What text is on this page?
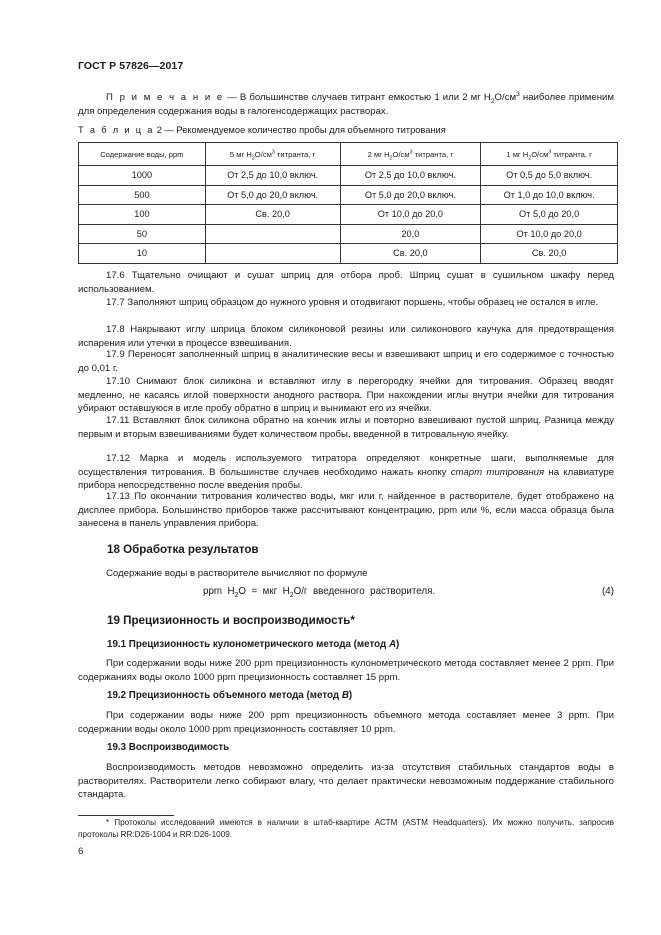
ГОСТ Р 57826—2017
П р и м е ч а н и е — В большинстве случаев титрант емкостью 1 или 2 мг $H_2O/см^3$ наиболее применим для определения содержания воды в галогенсодержащих растворах.
Т а б л и ц а 2 — Рекомендуемое количество пробы для объемного титрования
Содержание воды, ppm	5 мг $H_2O/см^3$ титранта, г	2 мг $H_2O/см^3$ титранта, г	1 мг $H_2O/см^3$ титранта, г
1000	От 2,5 до 10,0 включ.	От 2,5 до 10,0 включ.	От 0,5 до 5,0 включ.
500	От 5,0 до 20,0 включ.	От 5,0 до 20,0 включ.	От 1,0 до 10,0 включ.
100	Св. 20,0	От 10,0 до 20,0	От 5,0 до 20,0
50		20,0	От 10,0 до 20,0
10		Св. 20,0	Св. 20,0
17.6 Тщательно очищают и сушат шприц для отбора проб. Шприц сушат в сушильном шкафу перед использованием.
17.7 Заполняют шприц образцом до нужного уровня и отодвигают поршень, чтобы образец не остался в игле.
17.8 Накрывают иглу шприца блоком силиконовой резины или силиконового каучука для предотвращения испарения или утечки в процессе взвешивания.
17.9 Переносят заполненный шприц в аналитические весы и взвешивают шприц и его содержимое с точностью до 0,01 г.
17.10 Снимают блок силикона и вставляют иглу в перегородку ячейки для титрования. Образец вводят медленно, не касаясь иглой поверхности анодного раствора. При нахождении иглы внутри ячейки для титрования убирают оставшуюся в игле пробу обратно в шприц и вынимают его из ячейки.
17.11 Вставляют блок силикона обратно на кончик иглы и повторно взвешивают пустой шприц. Разница между первым и вторым взвешиваниями будет количеством пробы, введенной в титровальную ячейку.
17.12 Марка и модель используемого титратора определяют конкретные шаги, выполняемые для осуществления титрования. В большинстве случаев необходимо нажать кнопку старт титрования на клавиатуре прибора непосредственно после введения пробы.
17.13 По окончании титрования количество воды, мкг или г, найденное в растворителе, будет отображено на дисплее прибора. Большинство приборов также рассчитывают концентрацию, ppm или %, если масса образца была занесена в панель управления прибора.
18 Обработка результатов
Содержание воды в растворителе вычисляют по формуле
ppm  $H_2O$  =  мкг  $H_2O/г$  введенного  растворителя.	(4)
19 Прецизионность и воспроизводимость*
19.1 Прецизионность кулонометрического метода (метод A)
При содержании воды ниже 200 ppm прецизионность кулонометрического метода составляет менее 2 ppm. При содержаниях воды около 1000 ppm прецизионность составляет 15 ppm.
19.2 Прецизионность объемного метода (метод B)
При содержании воды ниже 200 ppm прецизионность объемного метода составляет менее 3 ppm. При содержании воды около 1000 ppm прецизионность составляет 10 ppm.
19.3 Воспроизводимость
Воспроизводимость методов невозможно определить из-за отсутствия стабильных стандартов воды в растворителях. Растворители легко собирают влагу, что делает практически невозможным поддержание стабильного стандарта.
* Протоколы исследований имеются в наличии в штаб-квартире АСТМ (ASTM Headquarters). Их можно получить, запросив протоколы RR:D26-1004 и RR:D26-1009.
6
